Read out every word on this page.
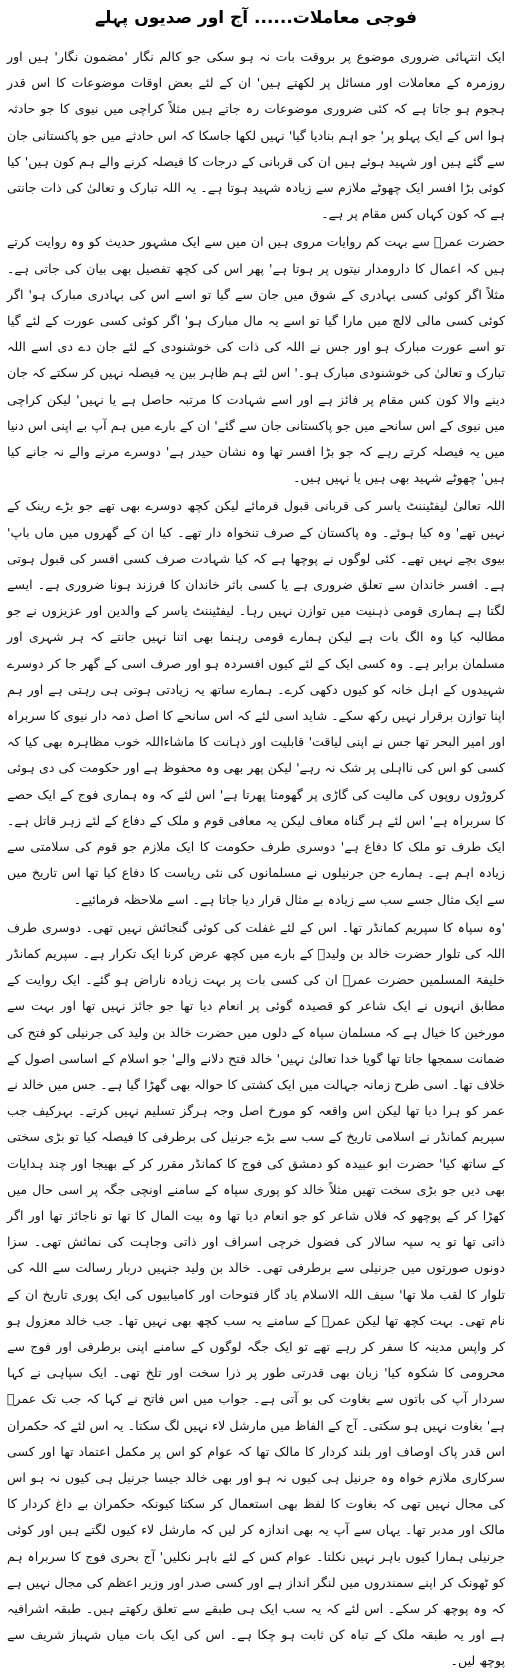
فوجی معاملات...... آج اور صدیوں پہلے

ایک انتہائی ضروری موضوع پر بروقت بات نہ ہو سکی جو کالم نگار 'مضمون نگار' ہیں اور روزمرہ کے معاملات اور مسائل پر لکھتے ہیں' ان کے لئے بعض اوقات موضوعات کا اس قدر ہجوم ہو جاتا ہے کہ کئی ضروری موضوعات رہ جاتے ہیں مثلاً کراچی میں نیوی کا جو حادثہ ہوا اس کے ایک پہلو پر' جو اہم بنادیا گیا' نہیں لکھا جاسکا کہ اس حادثے میں جو پاکستانی جان سے گئے ہیں اور شہید ہوئے ہیں ان کی قربانی کے درجات کا فیصلہ کرنے والے ہم کون ہیں' کیا کوئی بڑا افسر ایک چھوٹے ملازم سے زیادہ شہید ہوتا ہے۔ یہ اللہ تبارک و تعالیٰ کی ذات جانتی ہے کہ کون کہاں کس مقام پر ہے۔

حضرت عمرؓ سے بہت کم روایات مروی ہیں ان میں سے ایک مشہور حدیث کو وہ روایت کرتے ہیں کہ اعمال کا دارومدار نیتوں پر ہوتا ہے' پھر اس کی کچھ تفصیل بھی بیان کی جاتی ہے۔ مثلاً اگر کوئی کسی بہادری کے شوق میں جان سے گیا تو اسے اس کی بہادری مبارک ہو' اگر کوئی کسی مالی لالچ میں مارا گیا تو اسے یہ مال مبارک ہو' اگر کوئی کسی عورت کے لئے گیا تو اسے عورت مبارک ہو اور جس نے اللہ کی ذات کی خوشنودی کے لئے جان دے دی اسے اللہ تبارک و تعالیٰ کی خوشنودی مبارک ہو۔' اس لئے ہم ظاہر بین یہ فیصلہ نہیں کر سکتے کہ جان دینے والا کون کس مقام پر فائز ہے اور اسے شہادت کا مرتبہ حاصل ہے یا نہیں' لیکن کراچی میں نیوی کے اس سانحے میں جو پاکستانی جان سے گئے' ان کے بارے میں ہم آپ بے اپنی اس دنیا میں یہ فیصلہ کرتے رہے کہ جو بڑا افسر تھا وہ نشان حیدر ہے' دوسرے مرنے والے نہ جانے کیا ہیں' چھوٹے شہید بھی ہیں یا نہیں ہیں۔

اللہ تعالیٰ لیفٹیننٹ یاسر کی قربانی قبول فرمائے لیکن کچھ دوسرے بھی تھے جو بڑے رینک کے نہیں تھے' وہ کیا ہوئے۔ وہ پاکستان کے صرف تنخواہ دار تھے۔ کیا ان کے گھروں میں ماں باپ' بیوی بچے نہیں تھے۔ کئی لوگوں نے پوچھا ہے کہ کیا شہادت صرف کسی افسر کی قبول ہوتی ہے۔ افسر خاندان سے تعلق ضروری ہے یا کسی باثر خاندان کا فرزند ہونا ضروری ہے۔ ایسے لگتا ہے ہماری قومی ذہنیت میں توازن نہیں رہا۔ لیفٹیننٹ یاسر کے والدین اور عزیزوں نے جو مطالبہ کیا وہ الگ بات ہے لیکن ہمارے قومی رہنما بھی اتنا نہیں جانتے کہ ہر شہری اور مسلمان برابر ہے۔ وہ کسی ایک کے لئے کیوں افسردہ ہو اور صرف اسی کے گھر جا کر دوسرے شہیدوں کے اہل خانہ کو کیوں دکھی کرے۔ ہمارے ساتھ یہ زیادتی ہوتی ہی رہتی ہے اور ہم اپنا توازن برقرار نہیں رکھ سکے۔ شاید اسی لئے کہ اس سانحے کا اصل ذمہ دار نیوی کا سربراہ اور امیر البحر تھا جس نے اپنی لیاقت' قابلیت اور ذہانت کا ماشاءاللہ خوب مظاہرہ بھی کیا کہ کسی کو اس کی نااہلی پر شک نہ رہے' لیکن پھر بھی وہ محفوظ ہے اور حکومت کی دی ہوئی کروڑوں روپوں کی مالیت کی گاڑی پر گھومتا پھرتا ہے' اس لئے کہ وہ ہماری فوج کے ایک حصے کا سربراہ ہے' اس لئے ہر گناہ معاف لیکن یہ معافی قوم و ملک کے دفاع کے لئے زہر قاتل ہے۔ ایک طرف تو ملک کا دفاع ہے' دوسری طرف حکومت کا ایک ملازم جو قوم کی سلامتی سے زیادہ اہم ہے۔ ہمارے جن جرنیلوں نے مسلمانوں کی نئی ریاست کا دفاع کیا تھا اس تاریخ میں سے ایک مثال جسے سب سے زیادہ بے مثال قرار دیا جاتا ہے۔ اسے ملاحظہ فرمائیے۔

'وہ سپاہ کا سپریم کمانڈر تھا۔ اس کے لئے غفلت کی کوئی گنجائش نہیں تھی۔ دوسری طرف اللہ کی تلوار حضرت خالد بن ولیدؓ کے بارے میں کچھ عرض کرنا ایک تکرار ہے۔ سپریم کمانڈر خلیفۃ المسلمین حضرت عمرؓ ان کی کسی بات پر بہت زیادہ ناراض ہو گئے۔ ایک روایت کے مطابق انہوں نے ایک شاعر کو قصیدہ گوئی پر انعام دیا تھا جو جائز نہیں تھا اور بہت سے مورخین کا خیال ہے کہ مسلمان سپاہ کے دلوں میں حضرت خالد بن ولید کی جرنیلی کو فتح کی ضمانت سمجھا جاتا تھا گویا خدا تعالیٰ نہیں' خالد فتح دلانے والے' جو اسلام کے اساسی اصول کے خلاف تھا۔ اسی طرح زمانہ جہالت میں ایک کشتی کا حوالہ بھی گھڑا گیا ہے۔ جس میں خالد نے عمر کو ہرا دیا تھا لیکن اس واقعہ کو مورخ اصل وجہ ہرگز تسلیم نہیں کرتے۔ بہرکیف جب سپریم کمانڈر نے اسلامی تاریخ کے سب سے بڑے جرنیل کی برطرفی کا فیصلہ کیا تو بڑی سختی کے ساتھ کیا' حضرت ابو عبیدہ کو دمشق کی فوج کا کمانڈر مقرر کر کے بھیجا اور چند ہدایات بھی دیں جو بڑی سخت تھیں مثلاً خالد کو پوری سپاہ کے سامنے اونچی جگہ پر اسی حال میں کھڑا کر کے پوچھو کہ فلاں شاعر کو جو انعام دیا تھا وہ بیت المال کا تھا تو ناجائز تھا اور اگر ذاتی تھا تو یہ سپہ سالار کی فضول خرچی اسراف اور ذاتی وجاہت کی نمائش تھی۔ سزا دونوں صورتوں میں جرنیلی سے برطرفی تھی۔ خالد بن ولید جنہیں دربار رسالت سے اللہ کی تلوار کا لقب ملا تھا' سیف اللہ الاسلام یاد گار فتوحات اور کامیابیوں کی ایک پوری تاریخ ان کے نام تھی۔ بہت کچھ تھا لیکن عمرؓ کے سامنے یہ سب کچھ بھی نہیں تھا۔ جب خالد معزول ہو کر واپس مدینہ کا سفر کر رہے تھے تو ایک جگہ لوگوں کے سامنے اپنی برطرفی اور فوج سے محرومی کا شکوہ کیا' زبان بھی قدرتی طور پر ذرا سخت اور تلخ تھی۔ ایک سپاہی نے کہا سردار آپ کی باتوں سے بغاوت کی بو آتی ہے۔ جواب میں اس فاتح نے کہا کہ جب تک عمرؓ ہے' بغاوت نہیں ہو سکتی۔ آج کے الفاظ میں مارشل لاء نہیں لگ سکتا۔ یہ اس لئے کہ حکمران اس قدر پاک اوصاف اور بلند کردار کا مالک تھا کہ عوام کو اس پر مکمل اعتماد تھا اور کسی سرکاری ملازم خواہ وہ جرنیل ہی کیوں نہ ہو اور بھی خالد جیسا جرنیل ہی کیوں نہ ہو اس کی مجال نہیں تھی کہ بغاوت کا لفظ بھی استعمال کر سکتا کیونکہ حکمران بے داغ کردار کا مالک اور مدبر تھا۔ یہاں سے آپ یہ بھی اندازہ کر لیں کہ مارشل لاء کیوں لگتے ہیں اور کوئی جرنیلی ہمارا کیوں باہر نہیں نکلتا۔ عوام کس کے لئے باہر نکلیں' آج بحری فوج کا سربراہ ہم کو ٹھونک کر اپنے سمندروں میں لنگر انداز ہے اور کسی صدر اور وزیر اعظم کی مجال نہیں ہے کہ وہ پوچھ کر سکے۔ اس لئے کہ یہ سب ایک ہی طبقے سے تعلق رکھتے ہیں۔ طبقہ اشرافیہ ہے اور یہ طبقہ ملک کے تباہ کن ثابت ہو چکا ہے۔ اس کی ایک بات میاں شہباز شریف سے پوچھ لیں۔
